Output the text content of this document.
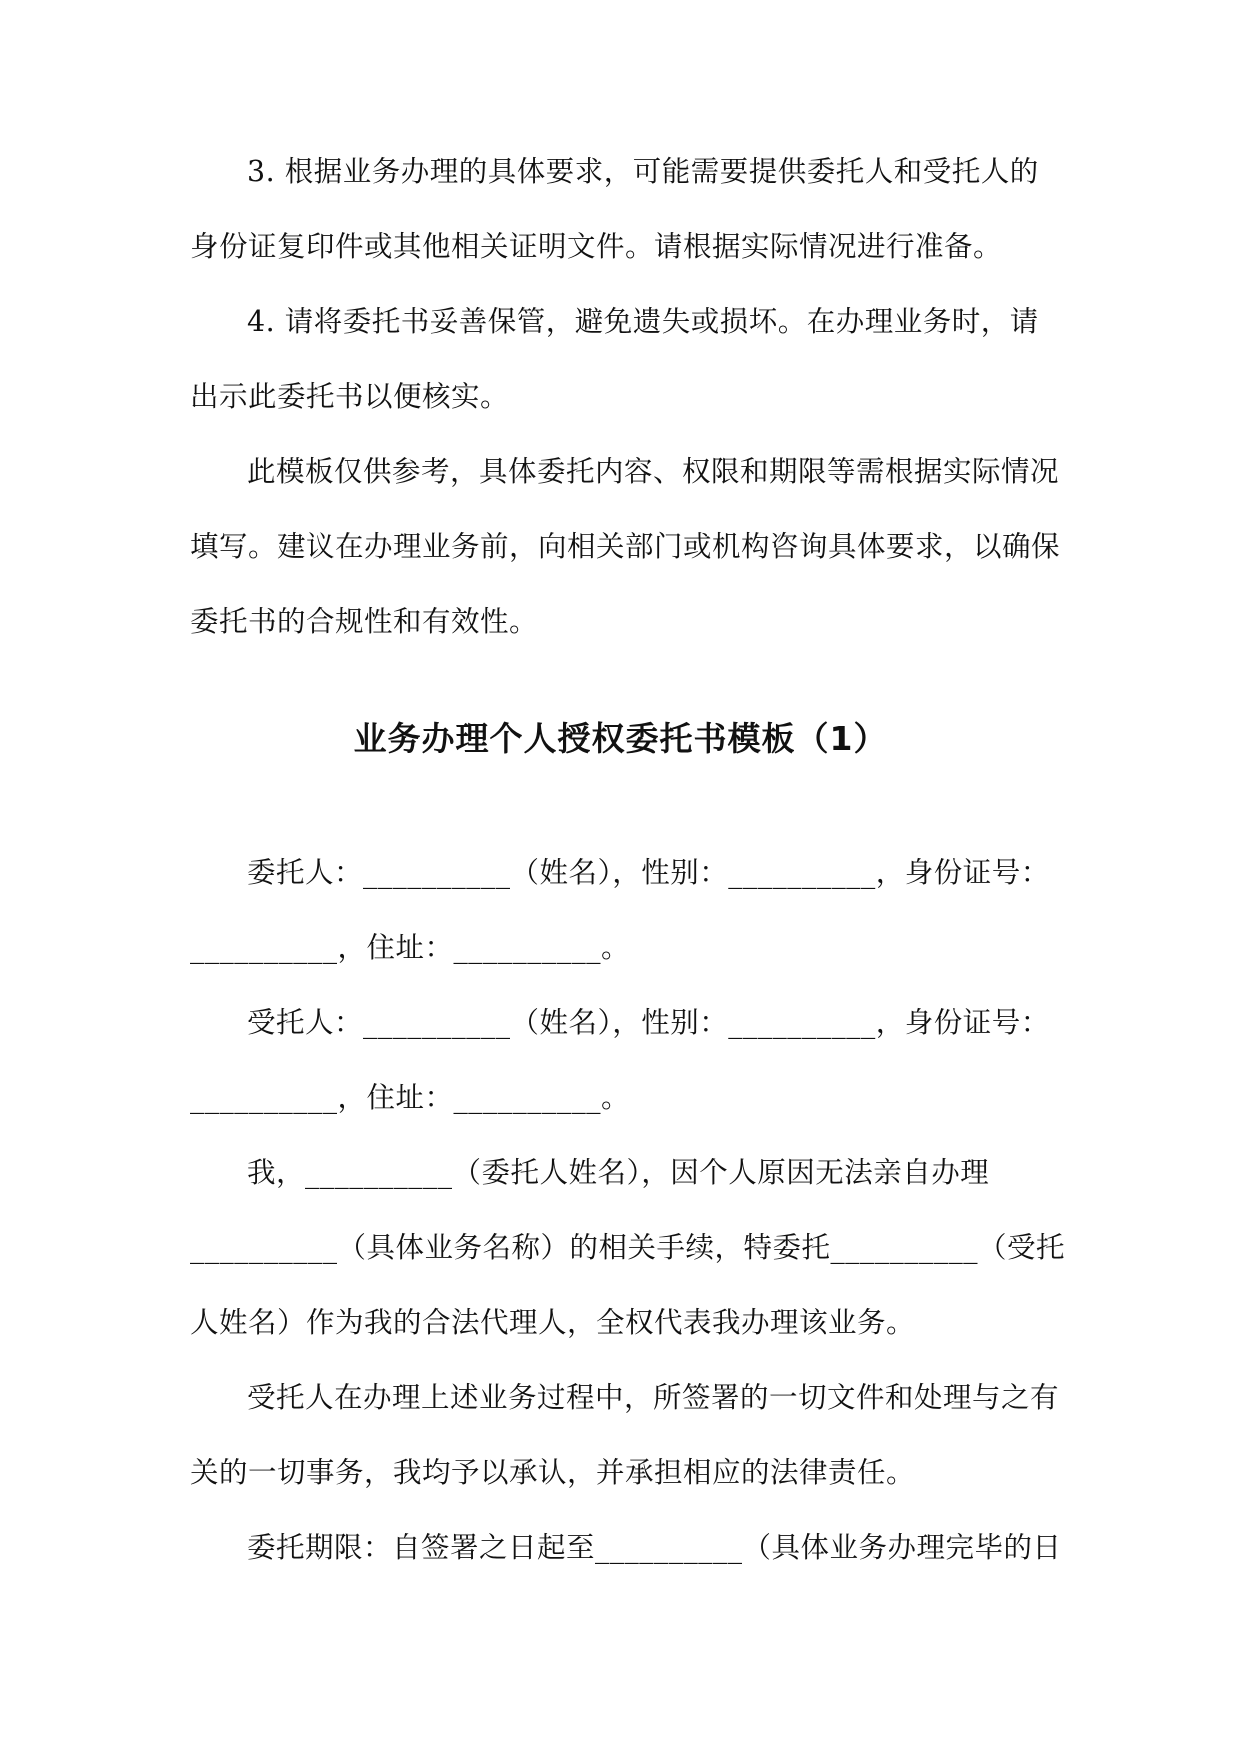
3. 根据业务办理的具体要求，可能需要提供委托人和受托人的
身份证复印件或其他相关证明文件。请根据实际情况进行准备。
4. 请将委托书妥善保管，避免遗失或损坏。在办理业务时，请
出示此委托书以便核实。
此模板仅供参考，具体委托内容、权限和期限等需根据实际情况
填写。建议在办理业务前，向相关部门或机构咨询具体要求，以确保
委托书的合规性和有效性。
业务办理个人授权委托书模板（1）
委托人：__________（姓名），性别：__________，身份证号：
__________，住址：__________。
受托人：__________（姓名），性别：__________，身份证号：
__________，住址：__________。
我，__________（委托人姓名），因个人原因无法亲自办理
__________（具体业务名称）的相关手续，特委托__________（受托
人姓名）作为我的合法代理人，全权代表我办理该业务。
受托人在办理上述业务过程中，所签署的一切文件和处理与之有
关的一切事务，我均予以承认，并承担相应的法律责任。
委托期限：自签署之日起至__________（具体业务办理完毕的日
